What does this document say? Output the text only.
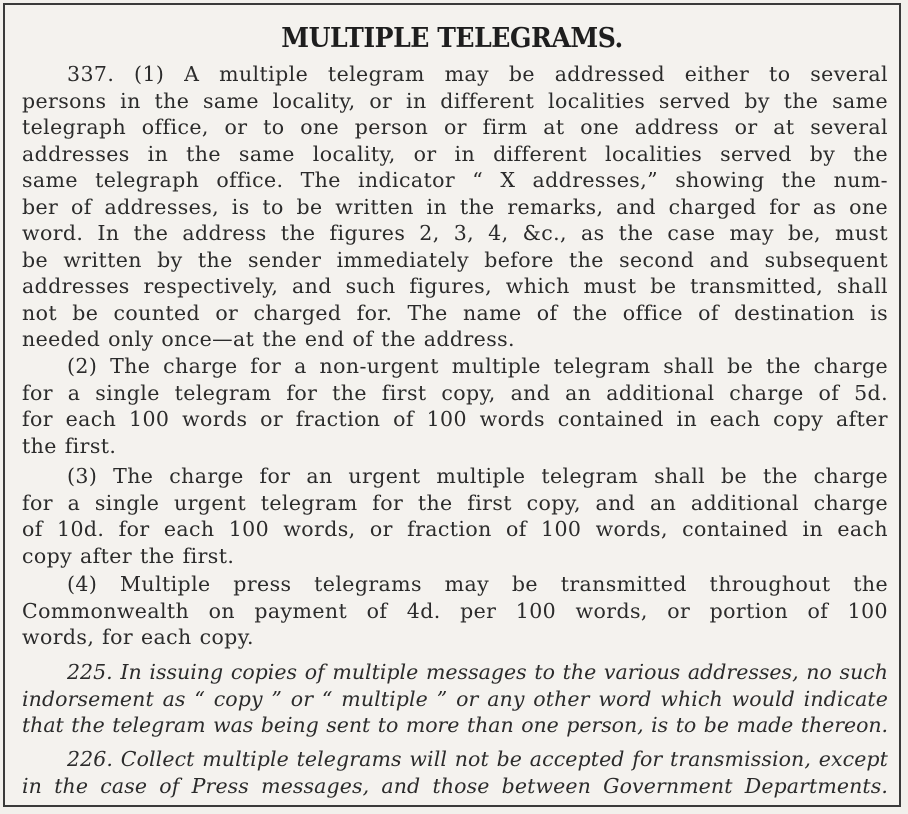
MULTIPLE TELEGRAMS.
337. (1) A multiple telegram may be addressed either to several
persons in the same locality, or in different localities served by the same
telegraph office, or to one person or firm at one address or at several
addresses in the same locality, or in different localities served by the
same telegraph office. The indicator “ X addresses,” showing the num-
ber of addresses, is to be written in the remarks, and charged for as one
word. In the address the figures 2, 3, 4, &c., as the case may be, must
be written by the sender immediately before the second and subsequent
addresses respectively, and such figures, which must be transmitted, shall
not be counted or charged for. The name of the office of destination is
needed only once—at the end of the address.
(2) The charge for a non-urgent multiple telegram shall be the charge
for a single telegram for the first copy, and an additional charge of 5d.
for each 100 words or fraction of 100 words contained in each copy after
the first.
(3) The charge for an urgent multiple telegram shall be the charge
for a single urgent telegram for the first copy, and an additional charge
of 10d. for each 100 words, or fraction of 100 words, contained in each
copy after the first.
(4) Multiple press telegrams may be transmitted throughout the
Commonwealth on payment of 4d. per 100 words, or portion of 100
words, for each copy.
225. In issuing copies of multiple messages to the various addresses, no such
indorsement as “ copy ” or “ multiple ” or any other word which would indicate
that the telegram was being sent to more than one person, is to be made thereon.
226. Collect multiple telegrams will not be accepted for transmission, except
in the case of Press messages, and those between Government Departments.
